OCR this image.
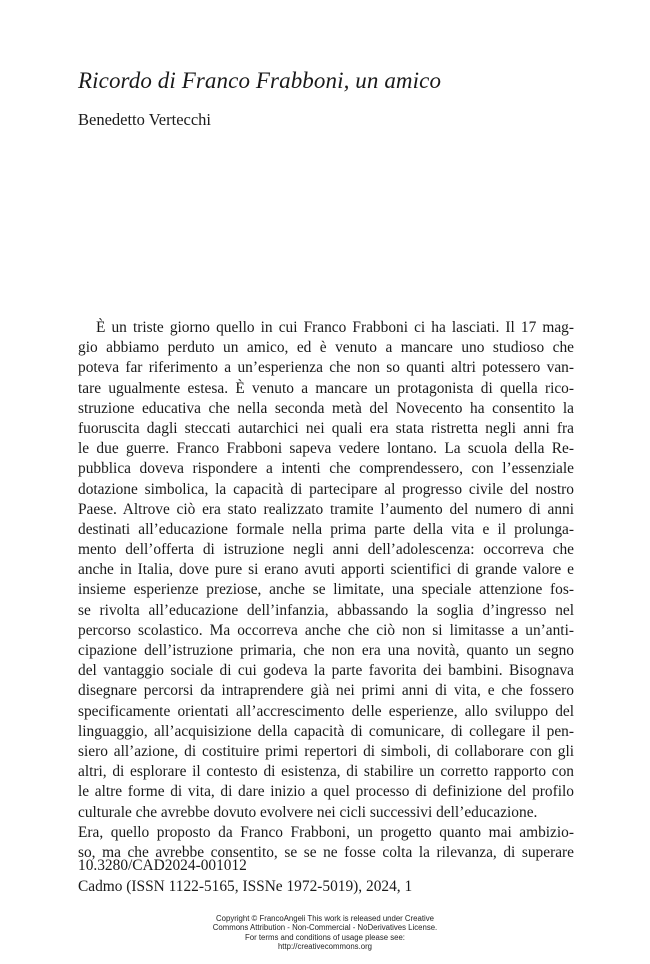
Ricordo di Franco Frabboni, un amico

Benedetto Vertecchi

È un triste giorno quello in cui Franco Frabboni ci ha lasciati. Il 17 mag-
gio abbiamo perduto un amico, ed è venuto a mancare uno studioso che
poteva far riferimento a un’esperienza che non so quanti altri potessero van-
tare ugualmente estesa. È venuto a mancare un protagonista di quella rico-
struzione educativa che nella seconda metà del Novecento ha consentito la
fuoruscita dagli steccati autarchici nei quali era stata ristretta negli anni fra
le due guerre. Franco Frabboni sapeva vedere lontano. La scuola della Re-
pubblica doveva rispondere a intenti che comprendessero, con l’essenziale
dotazione simbolica, la capacità di partecipare al progresso civile del nostro
Paese. Altrove ciò era stato realizzato tramite l’aumento del numero di anni
destinati all’educazione formale nella prima parte della vita e il prolunga-
mento dell’offerta di istruzione negli anni dell’adolescenza: occorreva che
anche in Italia, dove pure si erano avuti apporti scientifici di grande valore e
insieme esperienze preziose, anche se limitate, una speciale attenzione fos-
se rivolta all’educazione dell’infanzia, abbassando la soglia d’ingresso nel
percorso scolastico. Ma occorreva anche che ciò non si limitasse a un’anti-
cipazione dell’istruzione primaria, che non era una novità, quanto un segno
del vantaggio sociale di cui godeva la parte favorita dei bambini. Bisognava
disegnare percorsi da intraprendere già nei primi anni di vita, e che fossero
specificamente orientati all’accrescimento delle esperienze, allo sviluppo del
linguaggio, all’acquisizione della capacità di comunicare, di collegare il pen-
siero all’azione, di costituire primi repertori di simboli, di collaborare con gli
altri, di esplorare il contesto di esistenza, di stabilire un corretto rapporto con
le altre forme di vita, di dare inizio a quel processo di definizione del profilo
culturale che avrebbe dovuto evolvere nei cicli successivi dell’educazione.
Era, quello proposto da Franco Frabboni, un progetto quanto mai ambizio-
so, ma che avrebbe consentito, se se ne fosse colta la rilevanza, di superare

10.3280/CAD2024-001012

Cadmo (ISSN 1122-5165, ISSNe 1972-5019), 2024, 1

Copyright © FrancoAngeli This work is released under Creative
Commons Attribution - Non-Commercial - NoDerivatives License.
For terms and conditions of usage please see:
http://creativecommons.org
